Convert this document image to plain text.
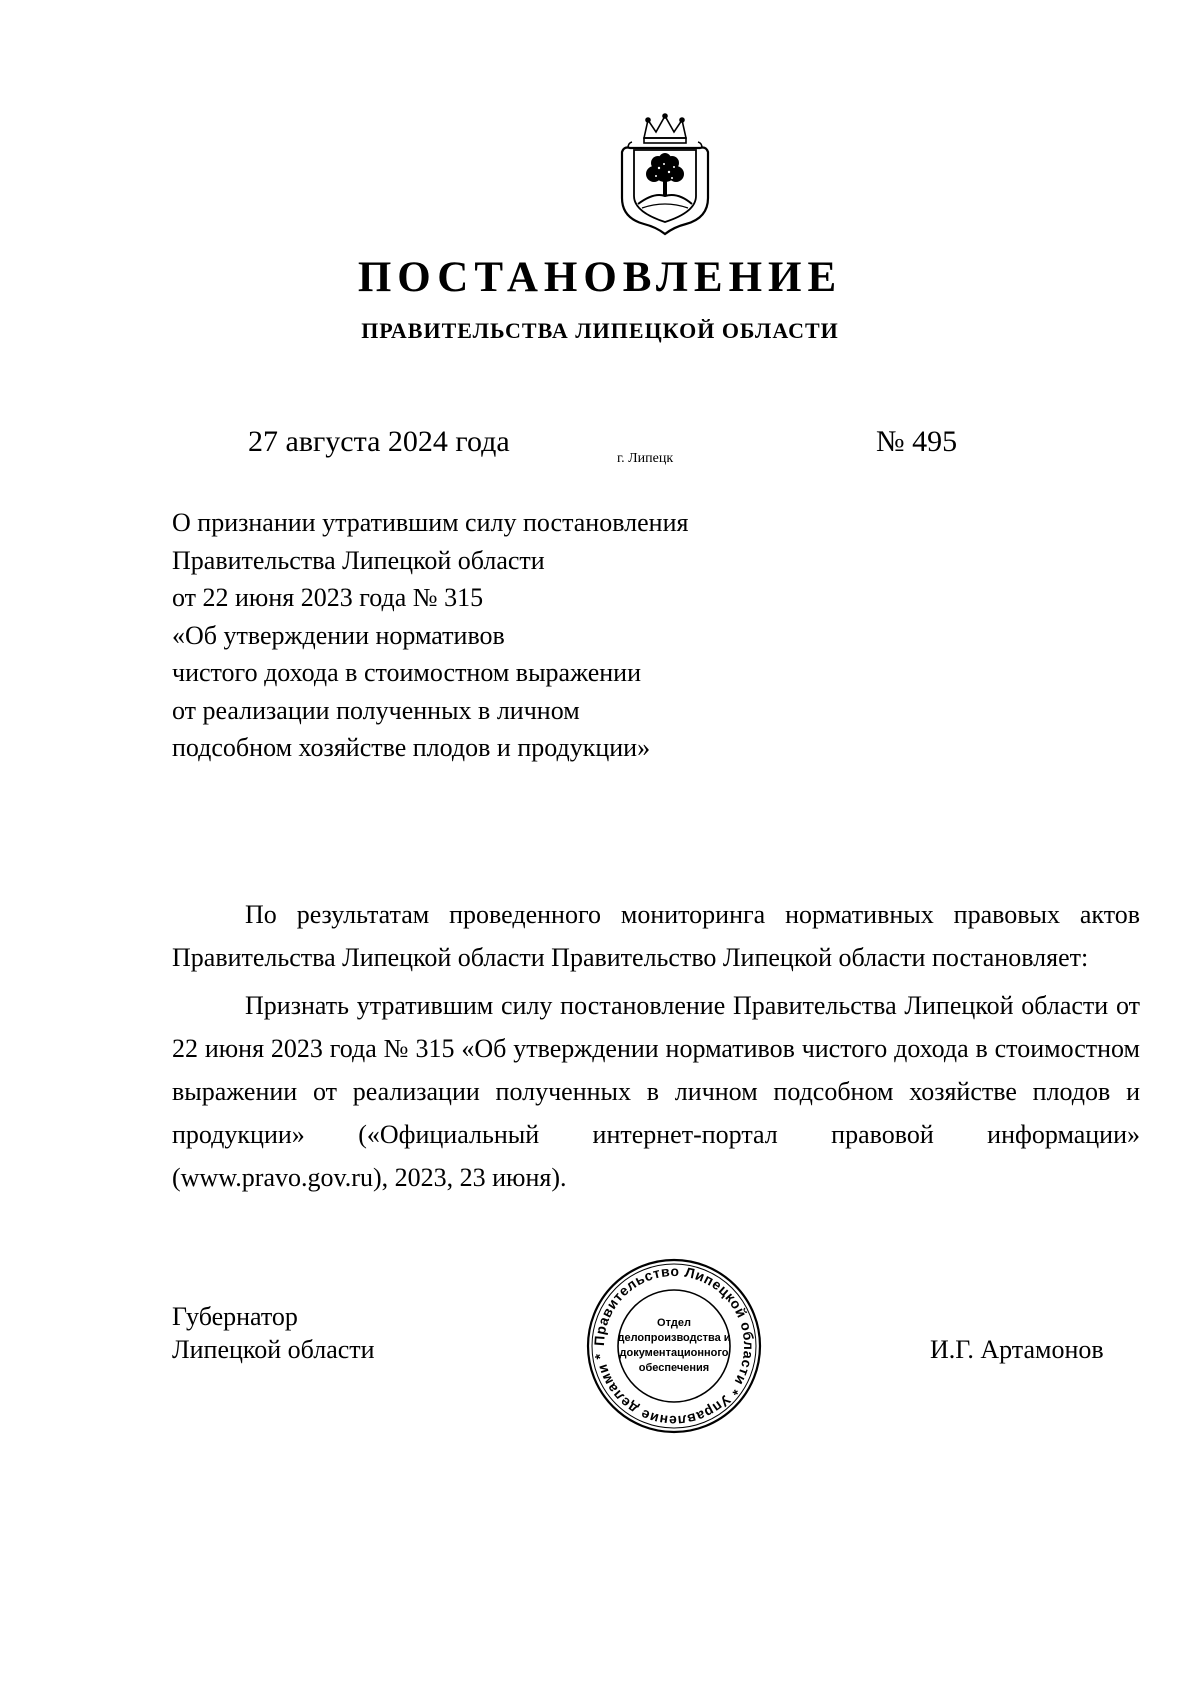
ПОСТАНОВЛЕНИЕ
ПРАВИТЕЛЬСТВА ЛИПЕЦКОЙ ОБЛАСТИ
27 августа 2024 года
г. Липецк
№ 495
О признании утратившим силу постановления
Правительства Липецкой области
от 22 июня 2023 года № 315
«Об утверждении нормативов
чистого дохода в стоимостном выражении
от реализации полученных в личном
подсобном хозяйстве плодов и продукции»

По результатам проведенного мониторинга нормативных правовых актов Правительства Липецкой области Правительство Липецкой области постановляет:

Признать утратившим силу постановление Правительства Липецкой области от 22 июня 2023 года № 315 «Об утверждении нормативов чистого дохода в стоимостном выражении от реализации полученных в личном подсобном хозяйстве плодов и продукции» («Официальный интернет-портал правовой информации» (www.pravo.gov.ru), 2023, 23 июня).

Губернатор
Липецкой области	Правительство Липецкой области * Управление делами *
Отдел
делопроизводства и
документационного
обеспечения
И.Г. Артамонов
